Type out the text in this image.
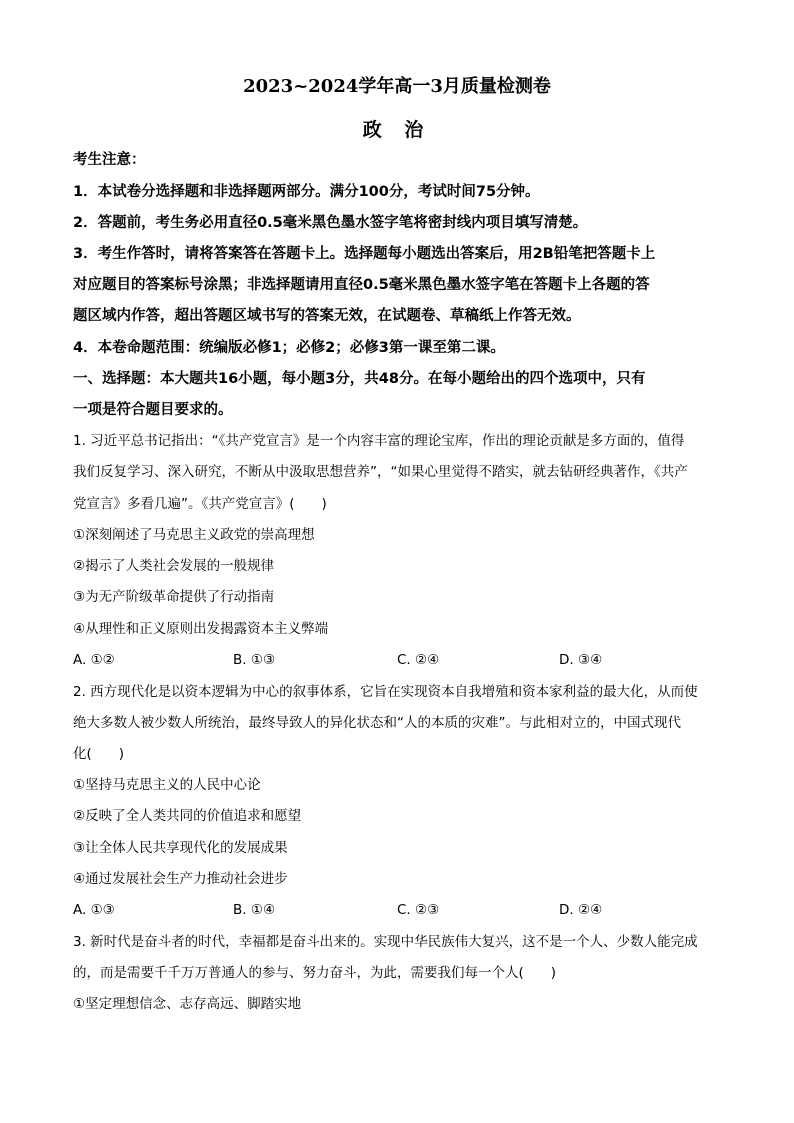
2023~2024学年高一3月质量检测卷
政 治
考生注意：
1．本试卷分选择题和非选择题两部分。满分100分，考试时间75分钟。
2．答题前，考生务必用直径0.5毫米黑色墨水签字笔将密封线内项目填写清楚。
3．考生作答时，请将答案答在答题卡上。选择题每小题选出答案后，用2B铅笔把答题卡上
对应题目的答案标号涂黑；非选择题请用直径0.5毫米黑色墨水签字笔在答题卡上各题的答
题区域内作答，超出答题区域书写的答案无效，在试题卷、草稿纸上作答无效。
4．本卷命题范围：统编版必修1；必修2；必修3第一课至第二课。
一、选择题：本大题共16小题，每小题3分，共48分。在每小题给出的四个选项中，只有
一项是符合题目要求的。
1. 习近平总书记指出：“《共产党宣言》是一个内容丰富的理论宝库，作出的理论贡献是多方面的，值得
我们反复学习、深入研究，不断从中汲取思想营养”，“如果心里觉得不踏实，就去钻研经典著作，《共产
党宣言》多看几遍”。《共产党宣言》(　　)
①深刻阐述了马克思主义政党的崇高理想
②揭示了人类社会发展的一般规律
③为无产阶级革命提供了行动指南
④从理性和正义原则出发揭露资本主义弊端
A. ①②	B. ①③	C. ②④	D. ③④
2. 西方现代化是以资本逻辑为中心的叙事体系，它旨在实现资本自我增殖和资本家利益的最大化，从而使
绝大多数人被少数人所统治，最终导致人的异化状态和“人的本质的灾难”。与此相对立的，中国式现代
化(　　)
①坚持马克思主义的人民中心论
②反映了全人类共同的价值追求和愿望
③让全体人民共享现代化的发展成果
④通过发展社会生产力推动社会进步
A. ①③	B. ①④	C. ②③	D. ②④
3. 新时代是奋斗者的时代，幸福都是奋斗出来的。实现中华民族伟大复兴，这不是一个人、少数人能完成
的，而是需要千千万万普通人的参与、努力奋斗，为此，需要我们每一个人(　　)
①坚定理想信念、志存高远、脚踏实地
